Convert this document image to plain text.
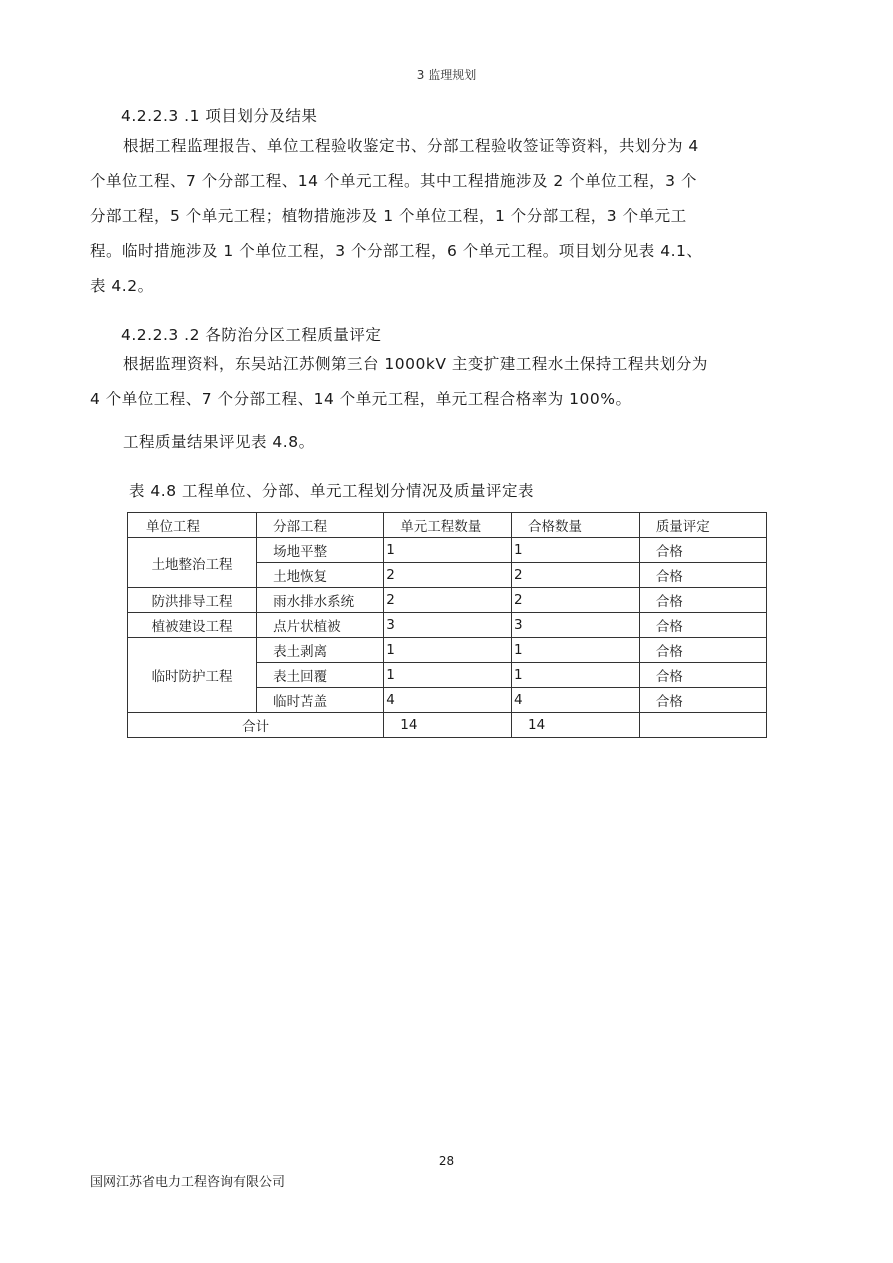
3 监理规划
4.2.2.3 .1 项目划分及结果
根据工程监理报告、单位工程验收鉴定书、分部工程验收签证等资料，共划分为 4
个单位工程、7 个分部工程、14 个单元工程。其中工程措施涉及 2 个单位工程，3 个
分部工程，5 个单元工程；植物措施涉及 1 个单位工程，1 个分部工程，3 个单元工
程。临时措施涉及 1 个单位工程，3 个分部工程，6 个单元工程。项目划分见表 4.1、
表 4.2。
4.2.2.3 .2 各防治分区工程质量评定
根据监理资料，东吴站江苏侧第三台 1000kV 主变扩建工程水土保持工程共划分为
4 个单位工程、7 个分部工程、14 个单元工程，单元工程合格率为 100%。
工程质量结果评见表 4.8。
表 4.8 工程单位、分部、单元工程划分情况及质量评定表
单位工程	分部工程	单元工程数量	合格数量	质量评定
土地整治工程	场地平整	1	1	合格
	土地恢复	2	2	合格
防洪排导工程	雨水排水系统	2	2	合格
植被建设工程	点片状植被	3	3	合格
临时防护工程	表土剥离	1	1	合格
	表土回覆	1	1	合格
	临时苫盖	4	4	合格
合计		14	14	
28
国网江苏省电力工程咨询有限公司
